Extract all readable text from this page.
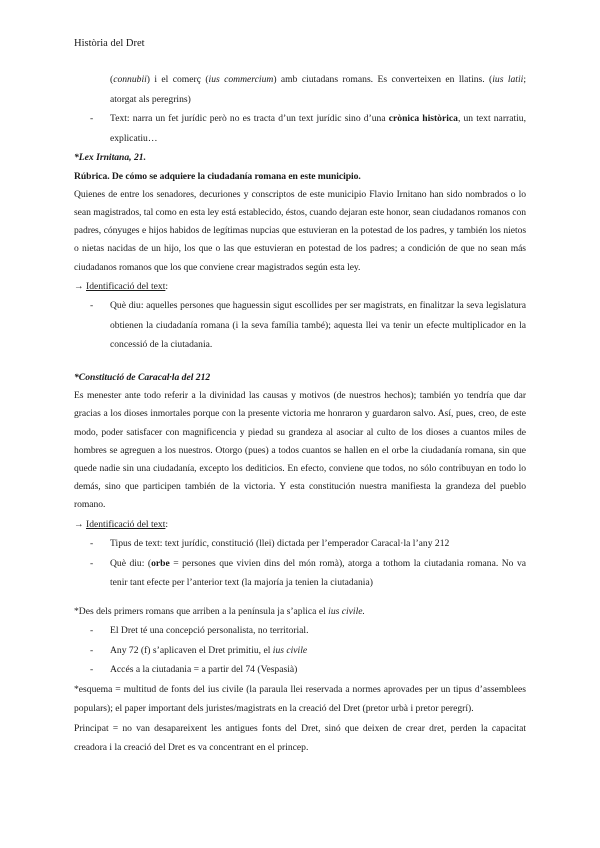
Història del Dret
(connubii) i el comerç (ius commercium) amb ciutadans romans. Es converteixen en llatins. (ius latii; atorgat als peregrins)
- Text: narra un fet jurídic però no es tracta d’un text jurídic sino d’una crònica històrica, un text narratiu, explicatiu…
*Lex Irnitana, 21.
Rúbrica. De cómo se adquiere la ciudadanía romana en este municipio.
Quienes de entre los senadores, decuriones y conscriptos de este municipio Flavio Irnitano han sido nombrados o lo sean magistrados, tal como en esta ley está establecido, éstos, cuando dejaran este honor, sean ciudadanos romanos con padres, cónyuges e hijos habidos de legítimas nupcias que estuvieran en la potestad de los padres, y también los nietos o nietas nacidas de un hijo, los que o las que estuvieran en potestad de los padres; a condición de que no sean más ciudadanos romanos que los que conviene crear magistrados según esta ley.
→ Identificació del text:
- Què diu: aquelles persones que haguessin sigut escollides per ser magistrats, en finalitzar la seva legislatura obtienen la ciudadanía romana (i la seva família també); aquesta llei va tenir un efecte multiplicador en la concessió de la ciutadania.
*Constitució de Caracal·la del 212
Es menester ante todo referir a la divinidad las causas y motivos (de nuestros hechos); también yo tendría que dar gracias a los dioses inmortales porque con la presente victoria me honraron y guardaron salvo. Así, pues, creo, de este modo, poder satisfacer con magnificencia y piedad su grandeza al asociar al culto de los dioses a cuantos miles de hombres se agreguen a los nuestros. Otorgo (pues) a todos cuantos se hallen en el orbe la ciudadanía romana, sin que quede nadie sin una ciudadanía, excepto los dediticios. En efecto, conviene que todos, no sólo contribuyan en todo lo demás, sino que participen también de la victoria. Y esta constitución nuestra manifiesta la grandeza del pueblo romano.
→ Identificació del text:
- Tipus de text: text jurídic, constitució (llei) dictada per l’emperador Caracal·la l’any 212
- Què diu: (orbe = persones que vivien dins del món romà), atorga a tothom la ciutadania romana. No va tenir tant efecte per l’anterior text (la majoría ja tenien la ciutadania)
*Des dels primers romans que arriben a la península ja s’aplica el ius civile.
- El Dret té una concepció personalista, no territorial.
- Any 72 (f) s’aplicaven el Dret primitiu, el ius civile
- Accés a la ciutadania = a partir del 74 (Vespasià)
*esquema = multitud de fonts del ius civile (la paraula llei reservada a normes aprovades per un tipus d’assemblees populars); el paper important dels juristes/magistrats en la creació del Dret (pretor urbà i pretor peregrí).
Principat = no van desapareixent les antigues fonts del Dret, sinó que deixen de crear dret, perden la capacitat creadora i la creació del Dret es va concentrant en el princep.
